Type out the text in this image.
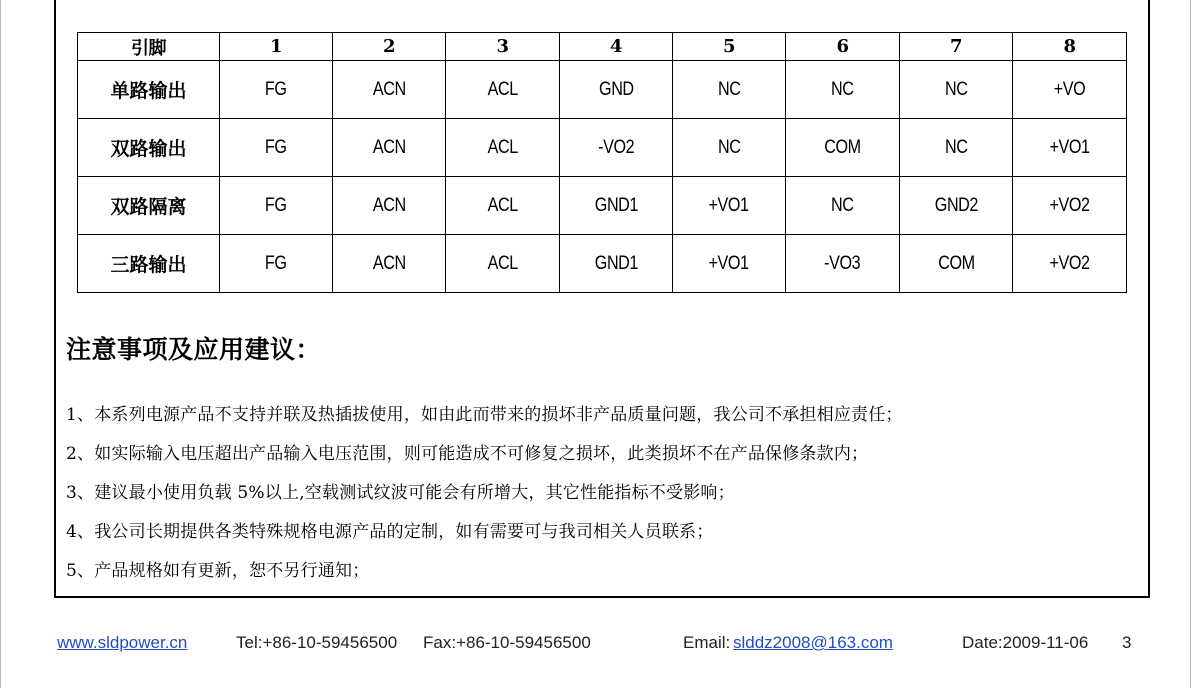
引脚	1	2	3	4	5	6	7	8
单路输出	FG	ACN	ACL	GND	NC	NC	NC	+VO
双路输出	FG	ACN	ACL	-VO2	NC	COM	NC	+VO1
双路隔离	FG	ACN	ACL	GND1	+VO1	NC	GND2	+VO2
三路输出	FG	ACN	ACL	GND1	+VO1	-VO3	COM	+VO2
注意事项及应用建议：
1、本系列电源产品不支持并联及热插拔使用，如由此而带来的损坏非产品质量问题，我公司不承担相应责任；
2、如实际输入电压超出产品输入电压范围，则可能造成不可修复之损坏，此类损坏不在产品保修条款内；
3、建议最小使用负载 5%以上,空载测试纹波可能会有所增大，其它性能指标不受影响；
4、我公司长期提供各类特殊规格电源产品的定制，如有需要可与我司相关人员联系；
5、产品规格如有更新，恕不另行通知；
www.sldpower.cn	Tel:+86-10-59456500 Fax:+86-10-59456500	Email: slddz2008@163.com	Date:2009-11-06 3
